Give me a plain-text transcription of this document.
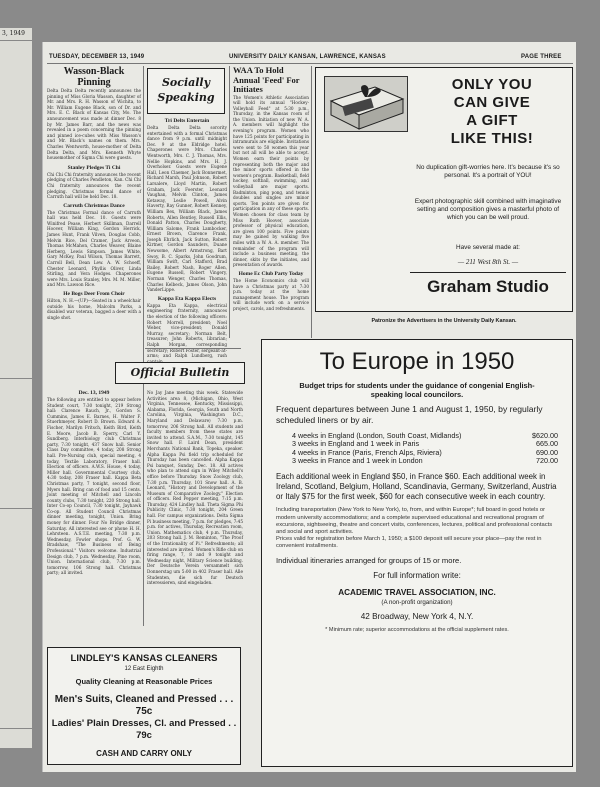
3, 1949
TUESDAY, DECEMBER 13, 1949	UNIVERSITY DAILY KANSAN, LAWRENCE, KANSAS	PAGE THREE
Wasson-Black Pinning

Delta Delta Delta recently announces the pinning of Miss Gloria Wasson, daughter of Mr. and Mrs. R. H. Wasson of Wichita, to Mr. William Eugene Black, son of Dr. and Mrs. E. C. Black of Kansas City, Mo. The announcement was made at dinner Dec. 8 by Mr. James Barr, and the news was revealed in a poem concerning the pinning and pinned ice-cubes with Miss Wasson's and Mr. Black's names on them. Mrs. Charles Wentworth, house-mother of Delta Delta Delta, and Mrs. Kenneth Whyte housemother of Sigma Chi were guests.

Stanley Pledges Ti Chi

Chi Chi Chi fraternity announces the recent pledging of Charles Pendleton, Kan. Chi Chi Chi fraternity announces the recent pledging. Christmas formal dance of Carruth hall will be held Dec. 18.

Carruth Christmas Dance

The Christmas Formal dance of Carruth hall was held Dec. 10. Guests were Winifred Pease, Herbert Skillman, Darrell Hoover, William King, Gordon Herrick, James Hunt, Frank Vilven, Douglas Cobb, Melvin Rice, Del Cramer, Jack Arveon, Thomas McMahon, Charles Weaver, Blaine Herberg, Lewis Simpson. James White, Gary McKey, Paul Wilson, Thomas Barrett, Carroll Bell, Dean Lew. A. W. Schoeff, Chester Leonard, Phyllis Oliver, Linda Stirling, and Vera Hodges. Chaperones were Mrs. Louis Stanley, Mrs. M. M. Miller, and Mrs. Lawson Rice.

He Bogs Deer From Choir

Hilton, N. H.—(UP)—Seated in a wheelchair outside his home, Malcolm Parks, a disabled war veteran, bagged a deer with a single shot.

Socially Speaking
Tri Delts Entertain

Delta Delta Delta sorority entertained with a formal Christmas dance from 9 p.m. until midnight Dec. 9 at the Eldridge hotel. Chaperones were Mrs. Charles Wentworth, Mrs. C. J. Thomas, Mrs. Nellie Hopkins, and Mrs. H. J. Overholser. Guests were Eugene Hall, Leon Claemer, Jack Bonnermet, Richard Marsh, Paul Johnson, Robert Larsalere, Lloyd Martin, Robert Graham, Jack Foerster, Leonard Vaughan, Melvin Clinton, James Ketaway, Leslie Powell, Alvin Haverty, Ray Gunner, Robert Kenney, William Bex, William Black, James Roberts, Allen Bentley, Russell Ellis, Donald Patton, Charles Dougherty, William Salome, Frank Lambocker, Ernest Brown, Clarence Frank, Joseph Ehrlich, Jack Sutton, Robert Kirtner, Gordon Saunders, Duane Newsome, Albert Armstrong, Bart Swoy, B. C. Sparks, John Goodrum, William Swift, Carl Stafford, Brad Bailey, Robert Nash, Roger Allen, Eugene Russell, Robert Vingery, Norman Wenger, Charles Thomas, Charles Kelbeck, James Olson, John VanderLippe.

Kappa Eta Kappa Elects

Kappa Eta Kappa, electrical engineering fraternity, announces the election of the following officers: Robert Morrell, president; Noel Weber, vice-president; Donald Murray, secretary; Norman Belt, treasurer; John Roberts, librarian; Ralph Morgan, corresponding secretary; Robert Foster, sergeant-at-arms; and Ralph Lundberg, rush

WAA To Hold Annual 'Feed' For Initiates

The Women's Athletic Association will hold its annual "Hockey-Volleyball Feed" at 5:30 p.m., Thursday, in the Kansas room of the Union. Initiation of new W. A. A. members will highlight the evening's program. Women who have 125 points for participating in intramurals are eligible. Invitations were sent to 50 women this year but not all will be able to accept. Women earn their points by representing both the major and the minor sports offered in the women's program. Basketball, field hockey, softball, swimming, and volleyball are major sports. Badminton, ping pong, and tennis doubles and singles are minor sports. Ten points are given for participation in any of these sports. Women chosen for class team by Miss Ruth Hoover, associate professor of physical education, are given 100 points. Five points may be gained by walking five miles with a W. A. A. member. The remainder of the program will include a business meeting, the dinner, skits by the initiates, and presentation of awards.

Home Ec Club Party Today

The Home Economics club will have a Christmas party at 7:30 p.m. today at the home management house. The program will include work on a service project, carols, and refreshments.

ONLY YOU
CAN GIVE
A GIFT
LIKE THIS!

No duplication gift-worries here. It's because it's so personal. It's a portrait of YOU!

Expert photographic skill combined with imaginative setting and composition gives a masterful photo of which you can be well proud.

Have several made at:

— 211 West 8th St. —
Graham Studio
Patronize the Advertisers in the University Daily Kansan.
Official Bulletin
Dec. 13, 1949

The following are entitled to appear before Student court, 7:30 tonight, 219 Strong hall: Clarence Rauch, Jr., Gordon S. Cummins, James E. Barnes, H. Walter F. Stuerhmeyer, Robert D. Brown. Edward A. Fischer, Marilyn Fritsch, Keith Bird, Keith E. Moore, Jacob B. Sperry, Carl Y. Sundberg. Interbiology club Christmas party, 7:30 tonight, 437 Snow hall. Senior Class Day committee, 4 today, 208 Strong hall. Pre-Nursing club, special meeting, 4 today, Textile Laboratory, Fraser hall. Election of officers. A.W.S. House, 4 today, Miller hall. Governmental Courtesy club, 4:30 today, 208 Fraser hall. Kappa Beta Christmas party, 7 tonight, second floor, Myers hall. Bring can of food and 15 cents. Joint meeting of Mitchell and Lincoln county clubs, 7:30 tonight, 220 Strong hall. Inter Co-op Council, 7:30 tonight, Jayhawk Co-op. All Student Council Christmas dinner meeting, tonight, Union. Bring money for dinner. Four No Bridge dinner, Saturday. All interested see or phone H. H. Lehrsteen. A.S.T.E. meeting, 7:30 p.m. Wednesday, Fowler shops. Prof. G. W. Bradshaw, "The Business of Being Professional." Visitors welcome. Industrial Design club, 7 p.m. Wednesday, Pine room, Union. International club, 7:30 p.m. tomorrow, 106 Strong hall. Christmas party; all invited.

No Jay Jane meeting this week. Statewide Activities area 8, (Michigan, Ohio, West Virginia, Tennessee, Kentucky, Mississippi, Alabama, Florida, Georgia, South and North Carolina, Virginia, Washington D.C., Maryland and Delaware) 7:30 p.m. tomorrow, 206 Strong hall. All students and faculty members from these states are invited to attend. S.A.M., 7:30 tonight, 145 Snow hall. F. Laird Dean, president Merchants National Bank, Topeka, speaker. Alpha Kappa Psi field trip scheduled for Thursday has been cancelled. Alpha Kappa Psi banquet, Sunday, Dec. 18. All actives who plan to attend sign in Wiley Mitchell's office before Thursday. Snow Zoology club, 7:30 p.m. Thursday, 101 Snow hall. A. B. Leonard, "History and Development of the Museum of Comparative Zoology." Election of officers. Red Pepper meeting, 7:15 p.m. Thursday, 424 Lindley hall. Theta Sigma Phi Publicity Clinic, 7:30 tonight, 204 Green hall. For campus organizations. Delta Sigma Pi business meeting, 7 p.m. for pledges, 7:45 p.m. for actives, Thursday, Recreation room, Union. Mathematics club, 4 p.m. Thursday, 203 Strong hall. J. M. Reminton, "The Proof of the Irrationality of Pi." Refreshments; all interested are invited. Women's Rifle club on firing range, 7, 8 and 9 tonight and Wednesday night, Military Science building. Der Deutsche Verein versammelt sich Donnerstag um 5:00 in 402 Fraser hall. Alle Studenten, die sich fur Deutsch interessieren, sind eingeladen.

LINDLEY'S KANSAS CLEANERS
12 East Eighth
Quality Cleaning at Reasonable Prices
Men's Suits, Cleaned and Pressed . . . 75c
Ladies' Plain Dresses, Cl. and Pressed . . 79c
CASH AND CARRY ONLY
To Europe in 1950

Budget trips for students under the guidance of congenial English-speaking local councilors.

Frequent departures between June 1 and August 1, 1950, by regularly scheduled liners or by air.

4 weeks in England (London, South Coast, Midlands)	$620.00
3 weeks in England and 1 week in Paris	665.00
4 weeks in France (Paris, French Alps, Riviera)	690.00
3 weeks in France and 1 week in London	720.00

Each additional week in England $50, in France $60. Each additional week in Ireland, Scotland, Belgium, Holland, Scandinavia, Germany, Switzerland, Austria or Italy $75 for the first week, $60 for each consecutive week in each country.

Including transportation (New York to New York), to, from, and within Europe*; full board in good hotels or modern university accommodations; and a complete supervised educational and recreational program of excursions, sightseeing, theatre and concert visits, conferences, lectures, political and professional contacts and social and sport activities.

Prices valid for registration before March 1, 1950; a $100 deposit will secure your place—pay the rest in convenient installments.

Individual itineraries arranged for groups of 15 or more.

For full information write:

ACADEMIC TRAVEL ASSOCIATION, INC.

(A non-profit organization)

42 Broadway, New York 4, N.Y.

* Minimum rate; superior accommodations at the official supplement rates.
